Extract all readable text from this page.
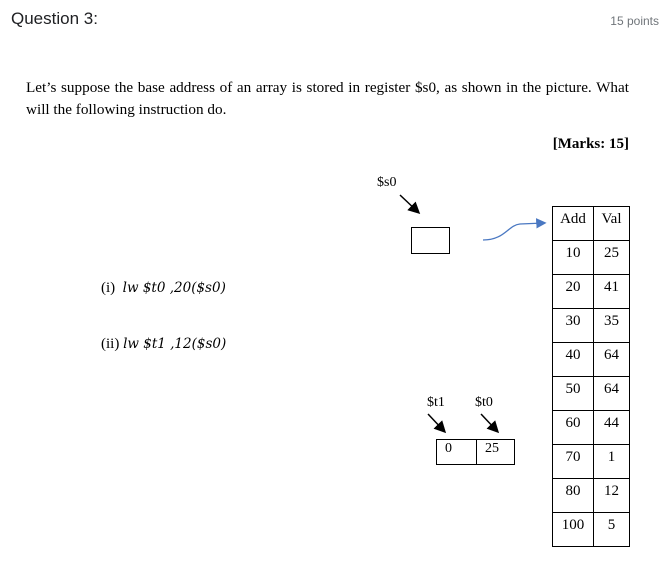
Question 3:	15 points
Let’s suppose the base address of an array is stored in register $s0, as shown in the picture. What will the following instruction do.
[Marks: 15]
(i) lw $t0 ,20($s0)
(ii) lw $t1 ,12($s0)
$s0
$t1 $t0
0	25
Add	Val
10	25
20	41
30	35
40	64
50	64
60	44
70	1
80	12
100	5
